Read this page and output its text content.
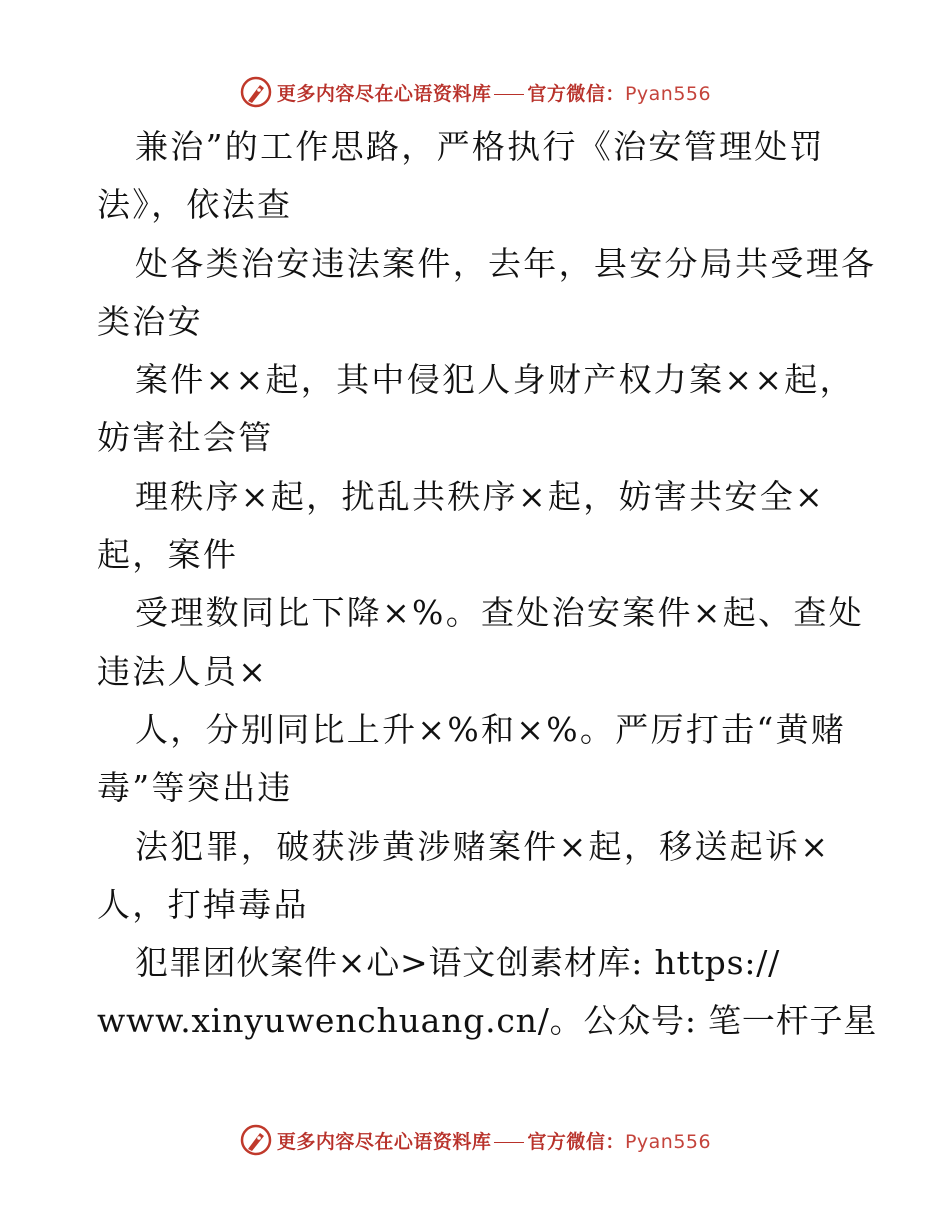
更多内容尽在心语资料库 官方微信：Pyan556
兼治”的工作思路，严格执行《治安管理处罚
法》，依法查
处各类治安违法案件，去年，县安分局共受理各
类治安
案件××起，其中侵犯人身财产权力案××起，
妨害社会管
理秩序×起，扰乱共秩序×起，妨害共安全×
起，案件
受理数同比下降×%。查处治安案件×起、查处
违法人员×
人，分别同比上升×%和×%。严厉打击“黄赌
毒”等突出违
法犯罪，破获涉黄涉赌案件×起，移送起诉×
人，打掉毒品
犯罪团伙案件×心>语文创素材库: https://
www.xinyuwenchuang.cn/。公众号: 笔一杆子星
更多内容尽在心语资料库 官方微信：Pyan556
